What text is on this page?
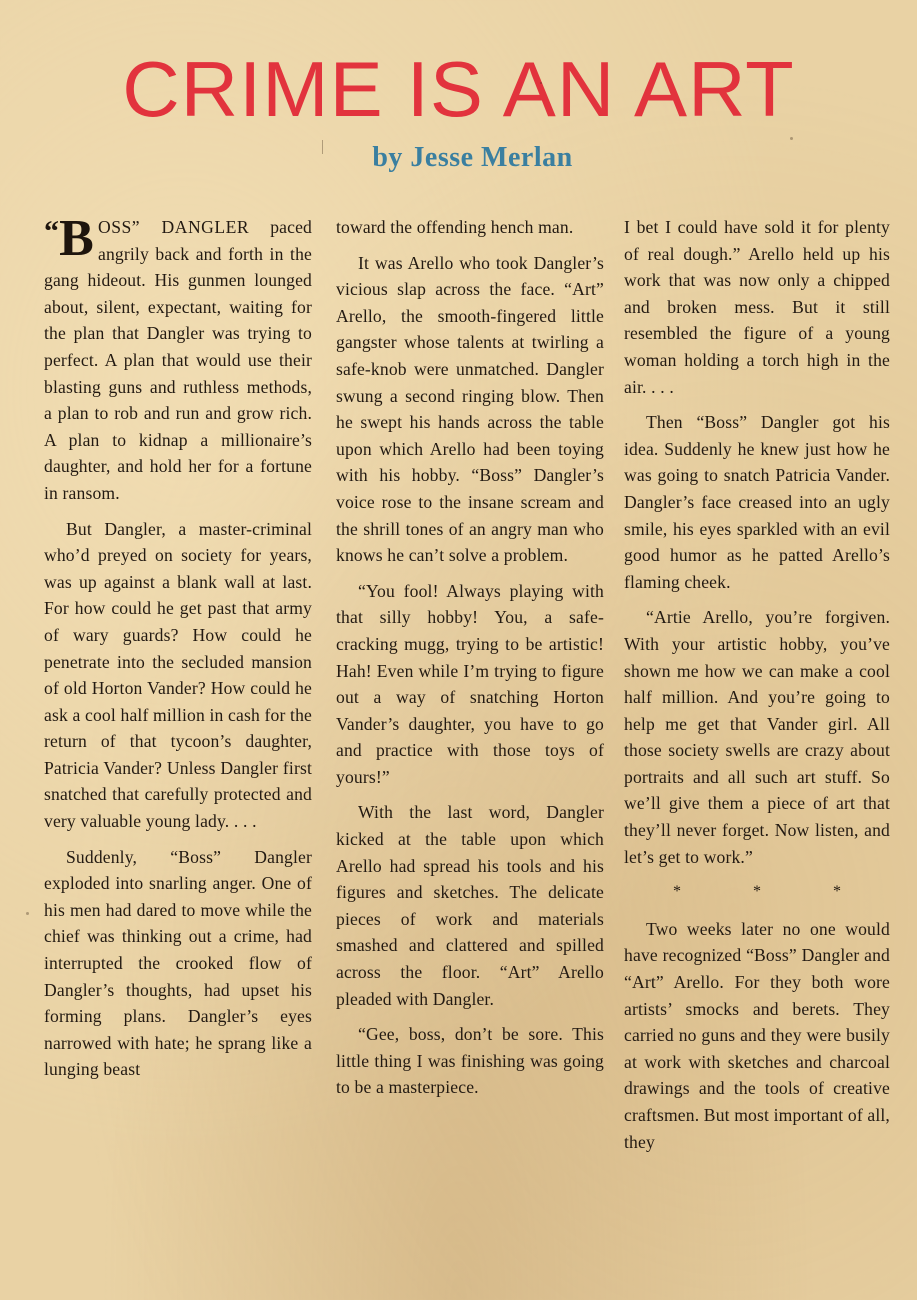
CRIME IS AN ART
by Jesse Merlan

“B OSS” DANGLER paced angrily back and forth in the gang hideout. His gunmen lounged about, silent, expectant, waiting for the plan that Dangler was trying to perfect. A plan that would use their blasting guns and ruthless methods, a plan to rob and run and grow rich. A plan to kidnap a millionaire’s daughter, and hold her for a fortune in ransom.

But Dangler, a master-criminal who’d preyed on society for years, was up against a blank wall at last. For how could he get past that army of wary guards? How could he penetrate into the secluded mansion of old Horton Vander? How could he ask a cool half million in cash for the return of that tycoon’s daughter, Patricia Vander? Unless Dangler first snatched that carefully protected and very valuable young lady. . . .

Suddenly, “Boss” Dangler exploded into snarling anger. One of his men had dared to move while the chief was thinking out a crime, had interrupted the crooked flow of Dangler’s thoughts, had upset his forming plans. Dangler’s eyes narrowed with hate; he sprang like a lunging beast

toward the offending hench man.

It was Arello who took Dangler’s vicious slap across the face. “Art” Arello, the smooth-fingered little gangster whose talents at twirling a safe-knob were unmatched. Dangler swung a second ringing blow. Then he swept his hands across the table upon which Arello had been toying with his hobby. “Boss” Dangler’s voice rose to the insane scream and the shrill tones of an angry man who knows he can’t solve a problem.

“You fool! Always playing with that silly hobby! You, a safe-cracking mugg, trying to be artistic! Hah! Even while I’m trying to figure out a way of snatching Horton Vander’s daughter, you have to go and practice with those toys of yours!”

With the last word, Dangler kicked at the table upon which Arello had spread his tools and his figures and sketches. The delicate pieces of work and materials smashed and clattered and spilled across the floor. “Art” Arello pleaded with Dangler.

“Gee, boss, don’t be sore. This little thing I was finishing was going to be a masterpiece.

I bet I could have sold it for plenty of real dough.” Arello held up his work that was now only a chipped and broken mess. But it still resembled the figure of a young woman holding a torch high in the air. . . .

Then “Boss” Dangler got his idea. Suddenly he knew just how he was going to snatch Patricia Vander. Dangler’s face creased into an ugly smile, his eyes sparkled with an evil good humor as he patted Arello’s flaming cheek.

“Artie Arello, you’re forgiven. With your artistic hobby, you’ve shown me how we can make a cool half million. And you’re going to help me get that Vander girl. All those society swells are crazy about portraits and all such art stuff. So we’ll give them a piece of art that they’ll never forget. Now listen, and let’s get to work.”

* * *

Two weeks later no one would have recognized “Boss” Dangler and “Art” Arello. For they both wore artists’ smocks and berets. They carried no guns and they were busily at work with sketches and charcoal drawings and the tools of creative craftsmen. But most important of all, they
